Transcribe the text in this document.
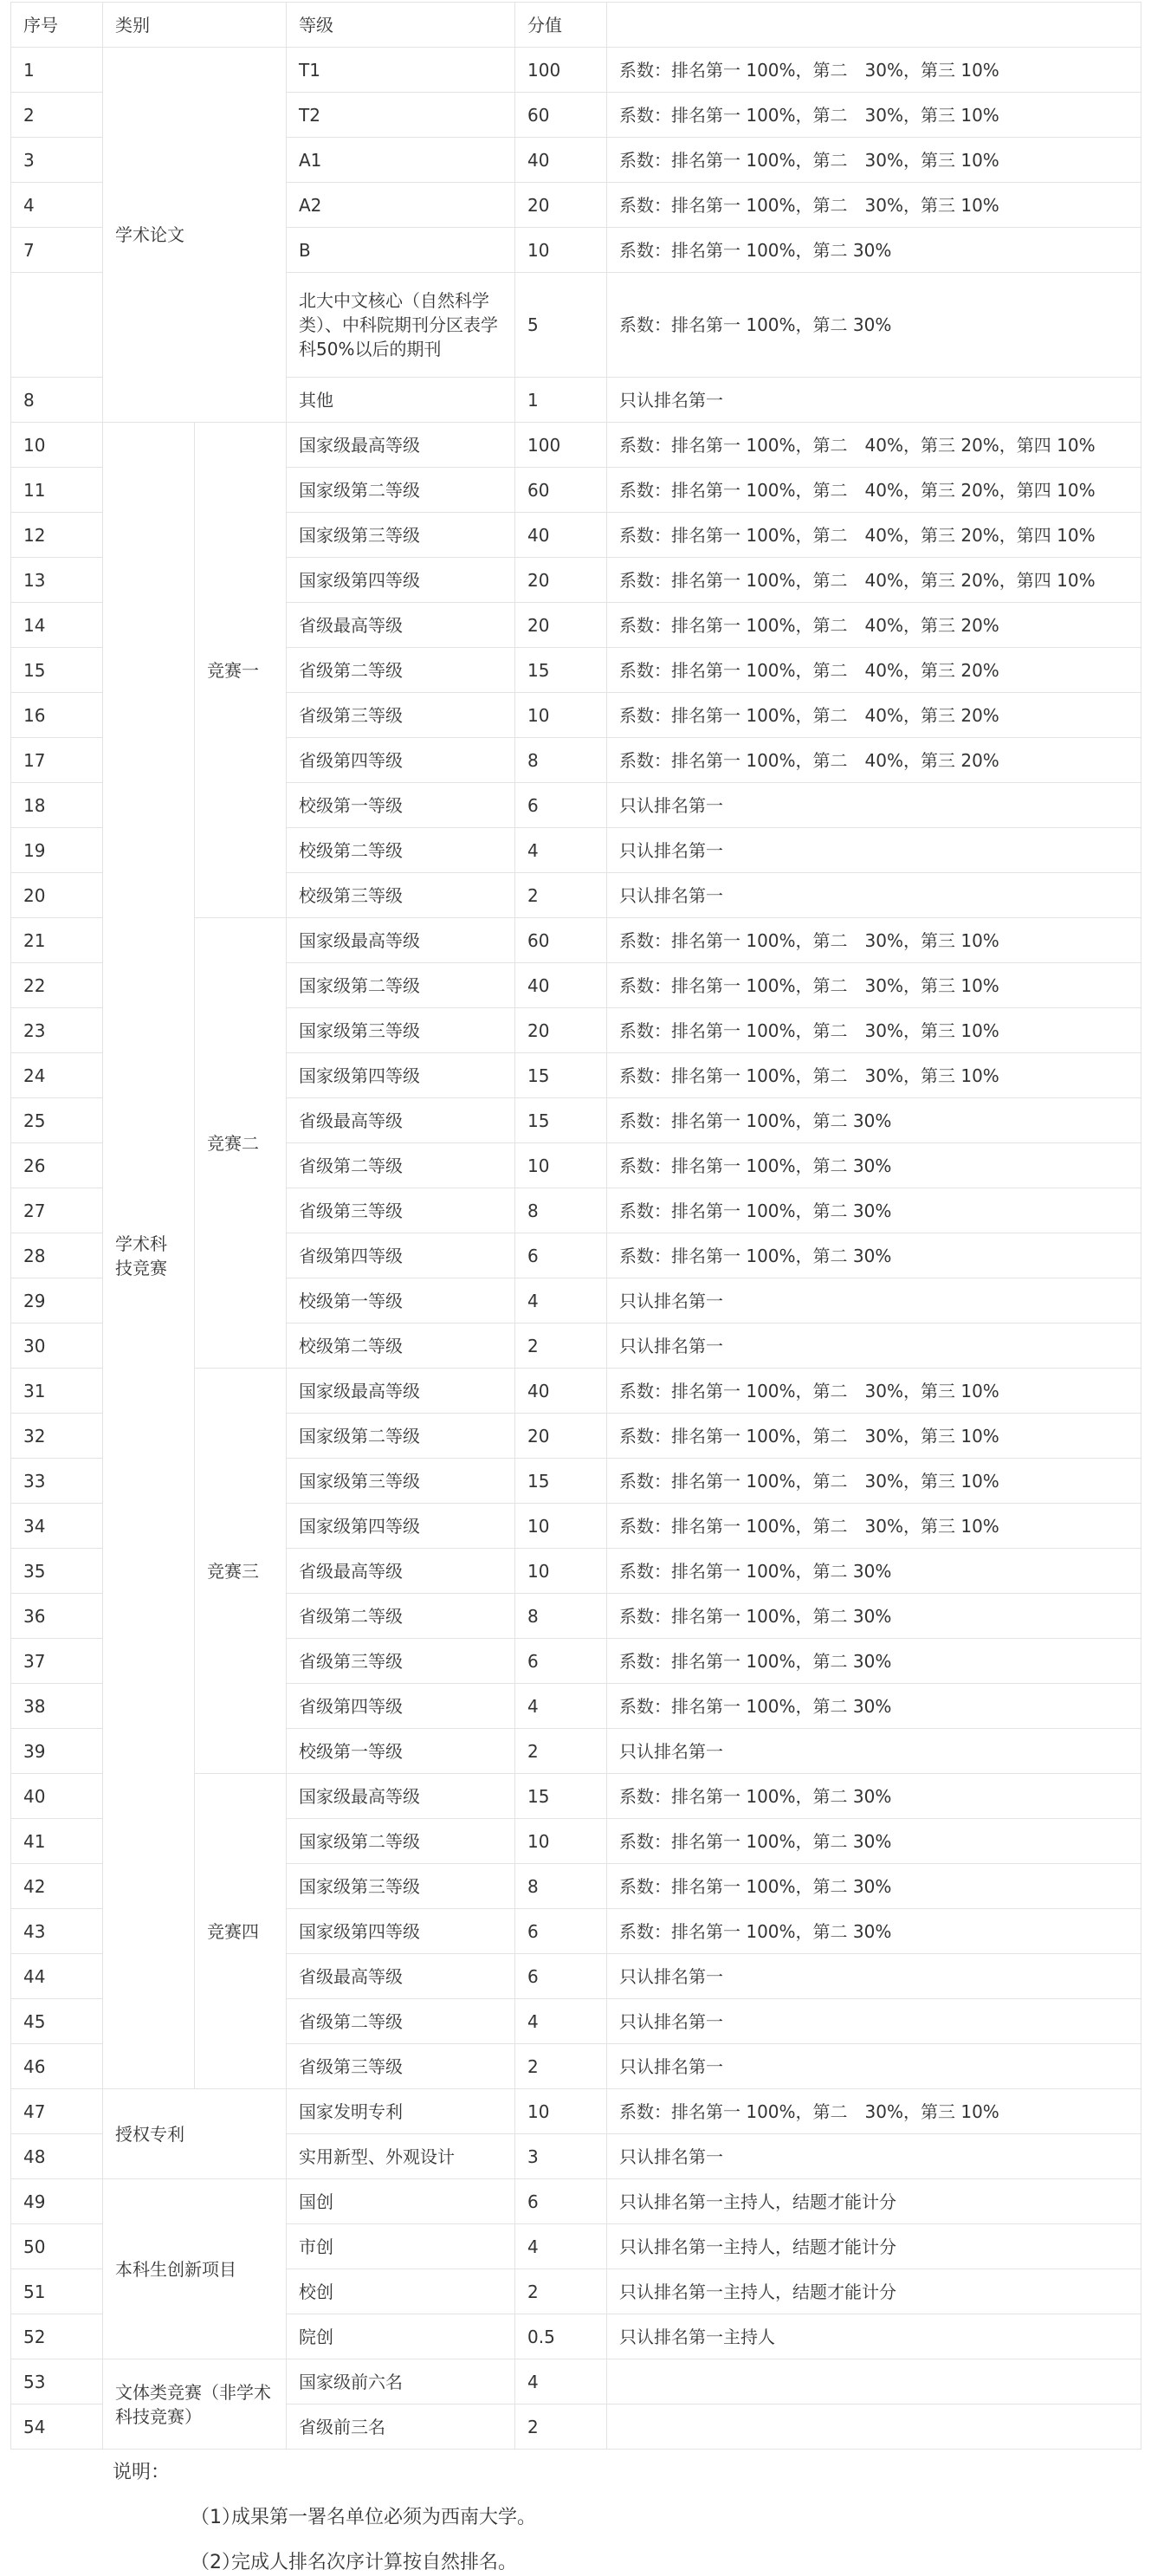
序号	类别		等级	分值	
1	学术论文		T1	100	系数：排名第一 100%，第二　30%，第三 10%
2			T2	60	系数：排名第一 100%，第二　30%，第三 10%
3			A1	40	系数：排名第一 100%，第二　30%，第三 10%
4			A2	20	系数：排名第一 100%，第二　30%，第三 10%
7			B	10	系数：排名第一 100%，第二 30%
			北大中文核心（自然科学类）、中科院期刊分区表学科50%以后的期刊	5	系数：排名第一 100%，第二 30%
8			其他	1	只认排名第一
10	学术科技竞赛	竞赛一	国家级最高等级	100	系数：排名第一 100%，第二　40%，第三 20%，第四 10%
11			国家级第二等级	60	系数：排名第一 100%，第二　40%，第三 20%，第四 10%
12			国家级第三等级	40	系数：排名第一 100%，第二　40%，第三 20%，第四 10%
13			国家级第四等级	20	系数：排名第一 100%，第二　40%，第三 20%，第四 10%
14			省级最高等级	20	系数：排名第一 100%，第二　40%，第三 20%
15			省级第二等级	15	系数：排名第一 100%，第二　40%，第三 20%
16			省级第三等级	10	系数：排名第一 100%，第二　40%，第三 20%
17			省级第四等级	8	系数：排名第一 100%，第二　40%，第三 20%
18			校级第一等级	6	只认排名第一
19			校级第二等级	4	只认排名第一
20			校级第三等级	2	只认排名第一
21		竞赛二	国家级最高等级	60	系数：排名第一 100%，第二　30%，第三 10%
22			国家级第二等级	40	系数：排名第一 100%，第二　30%，第三 10%
23			国家级第三等级	20	系数：排名第一 100%，第二　30%，第三 10%
24			国家级第四等级	15	系数：排名第一 100%，第二　30%，第三 10%
25			省级最高等级	15	系数：排名第一 100%，第二 30%
26			省级第二等级	10	系数：排名第一 100%，第二 30%
27			省级第三等级	8	系数：排名第一 100%，第二 30%
28			省级第四等级	6	系数：排名第一 100%，第二 30%
29			校级第一等级	4	只认排名第一
30			校级第二等级	2	只认排名第一
31		竞赛三	国家级最高等级	40	系数：排名第一 100%，第二　30%，第三 10%
32			国家级第二等级	20	系数：排名第一 100%，第二　30%，第三 10%
33			国家级第三等级	15	系数：排名第一 100%，第二　30%，第三 10%
34			国家级第四等级	10	系数：排名第一 100%，第二　30%，第三 10%
35			省级最高等级	10	系数：排名第一 100%，第二 30%
36			省级第二等级	8	系数：排名第一 100%，第二 30%
37			省级第三等级	6	系数：排名第一 100%，第二 30%
38			省级第四等级	4	系数：排名第一 100%，第二 30%
39			校级第一等级	2	只认排名第一
40		竞赛四	国家级最高等级	15	系数：排名第一 100%，第二 30%
41			国家级第二等级	10	系数：排名第一 100%，第二 30%
42			国家级第三等级	8	系数：排名第一 100%，第二 30%
43			国家级第四等级	6	系数：排名第一 100%，第二 30%
44			省级最高等级	6	只认排名第一
45			省级第二等级	4	只认排名第一
46			省级第三等级	2	只认排名第一
47	授权专利		国家发明专利	10	系数：排名第一 100%，第二　30%，第三 10%
48			实用新型、外观设计	3	只认排名第一
49	本科生创新项目		国创	6	只认排名第一主持人，结题才能计分
50			市创	4	只认排名第一主持人，结题才能计分
51			校创	2	只认排名第一主持人，结题才能计分
52			院创	0.5	只认排名第一主持人
53	文体类竞赛（非学术科技竞赛）		国家级前六名	4	
54			省级前三名	2	

说明：

（1） 成果第一署名单位必须为西南大学。
（2） 完成人排名次序计算按自然排名。
